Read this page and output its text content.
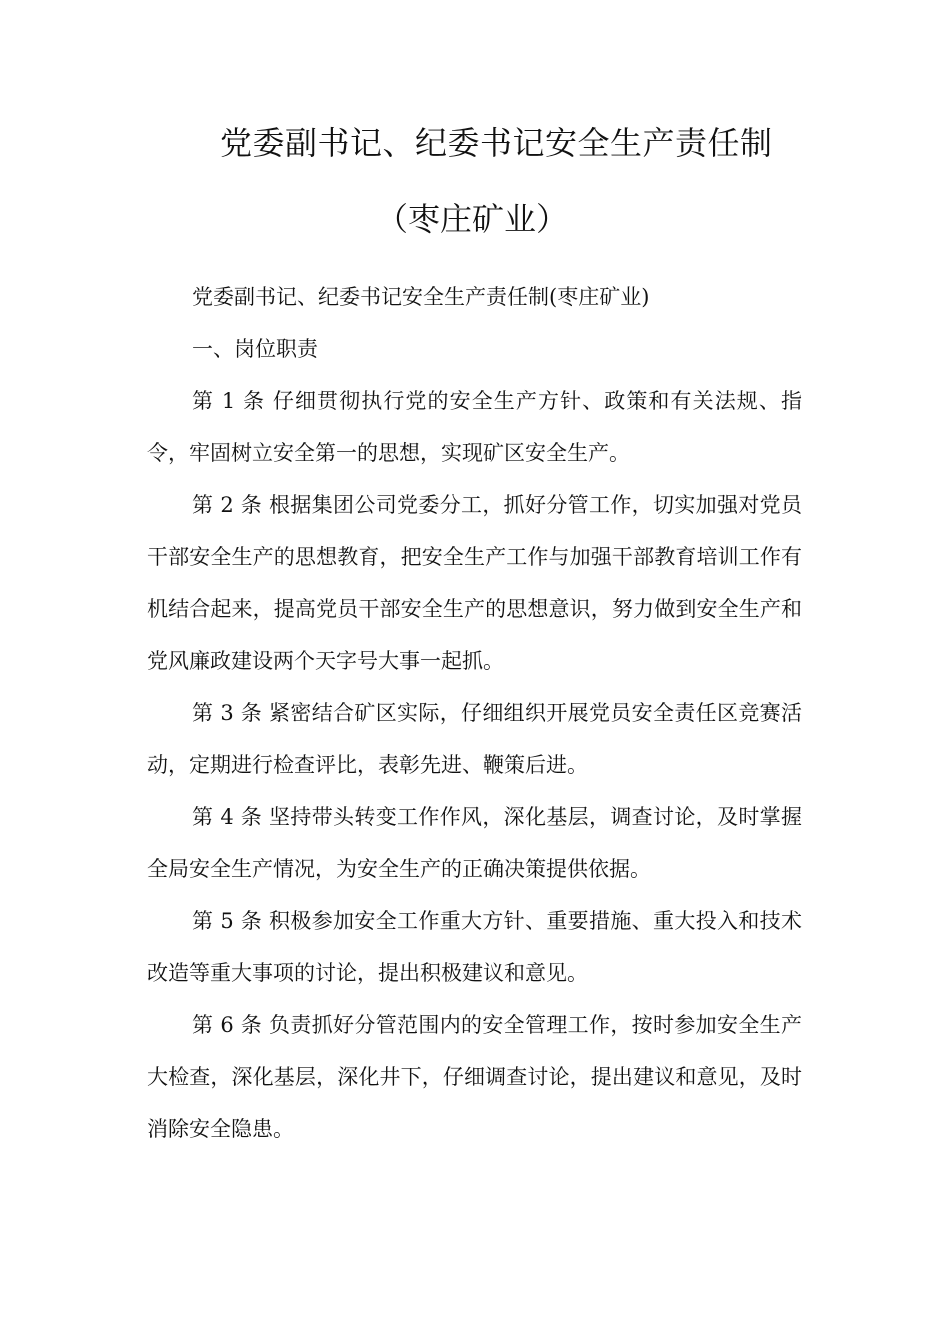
党委副书记、纪委书记安全生产责任制
（枣庄矿业）

党委副书记、纪委书记安全生产责任制(枣庄矿业)

一、岗位职责

第 1 条 仔细贯彻执行党的安全生产方针、政策和有关法规、指令，牢固树立安全第一的思想，实现矿区安全生产。

第 2 条 根据集团公司党委分工，抓好分管工作，切实加强对党员干部安全生产的思想教育，把安全生产工作与加强干部教育培训工作有机结合起来，提高党员干部安全生产的思想意识，努力做到安全生产和党风廉政建设两个天字号大事一起抓。

第 3 条 紧密结合矿区实际，仔细组织开展党员安全责任区竞赛活动，定期进行检查评比，表彰先进、鞭策后进。

第 4 条 坚持带头转变工作作风，深化基层，调查讨论，及时掌握全局安全生产情况，为安全生产的正确决策提供依据。

第 5 条 积极参加安全工作重大方针、重要措施、重大投入和技术改造等重大事项的讨论，提出积极建议和意见。

第 6 条 负责抓好分管范围内的安全管理工作，按时参加安全生产大检查，深化基层，深化井下，仔细调查讨论，提出建议和意见，及时消除安全隐患。
